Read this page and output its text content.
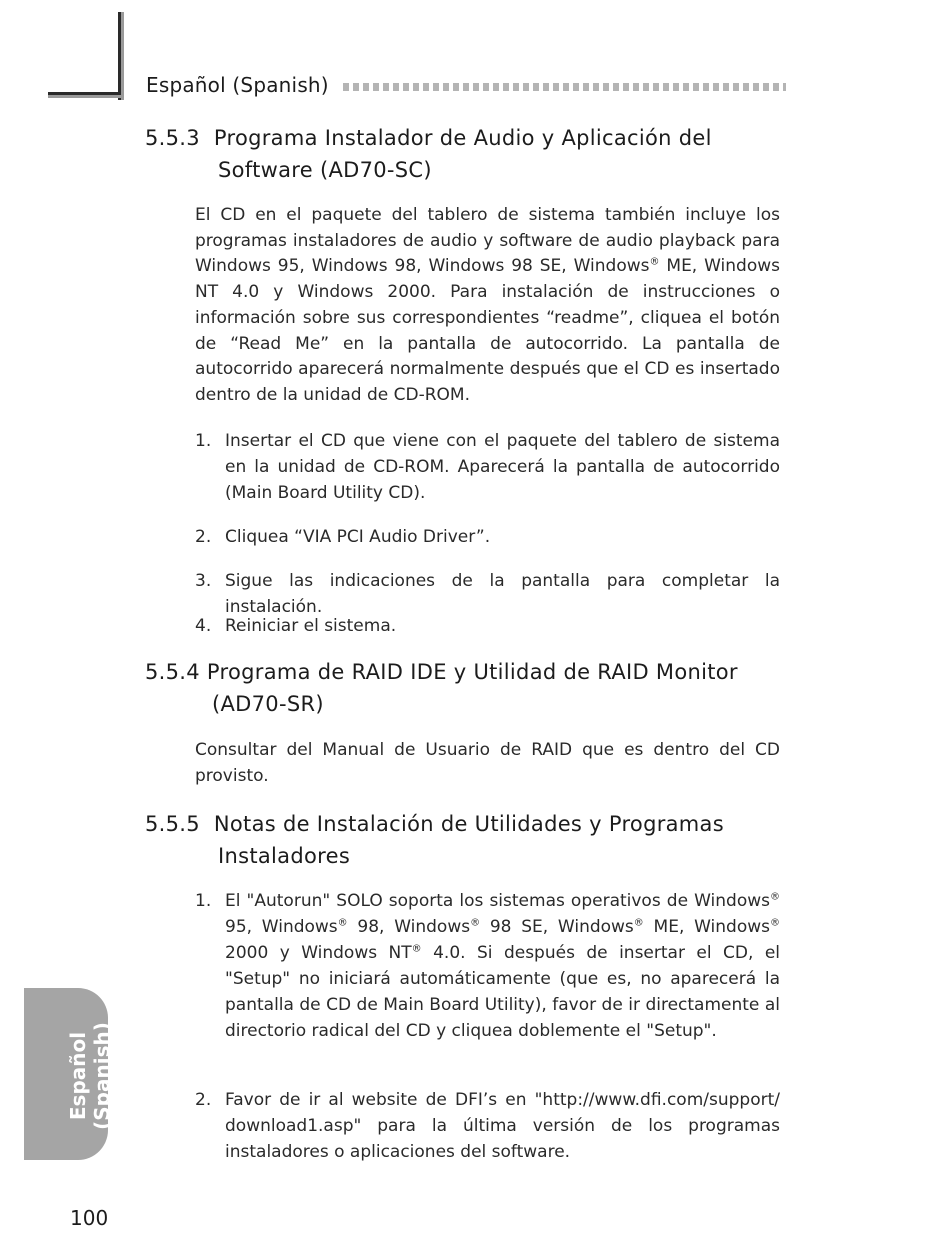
Español (Spanish)
5.5.3 Programa Instalador de Audio y Aplicación del
Software (AD70-SC)
El CD en el paquete del tablero de sistema también incluye los programas instaladores de audio y software de audio playback para Windows 95, Windows 98, Windows 98 SE, Windows® ME, Windows NT 4.0 y Windows 2000. Para instalación de instrucciones o información sobre sus correspondientes “readme”, cliquea el botón de “Read Me” en la pantalla de autocorrido. La pantalla de autocorrido aparecerá normalmente después que el CD es insertado dentro de la unidad de CD-ROM.
1. Insertar el CD que viene con el paquete del tablero de sistema en la unidad de CD-ROM. Aparecerá la pantalla de autocorrido (Main Board Utility CD).
2. Cliquea “VIA PCI Audio Driver”.
3. Sigue las indicaciones de la pantalla para completar la instalación.
4. Reiniciar el sistema.
5.5.4 Programa de RAID IDE y Utilidad de RAID Monitor
(AD70-SR)
Consultar del Manual de Usuario de RAID que es dentro del CD provisto.
5.5.5 Notas de Instalación de Utilidades y Programas
Instaladores
1. El "Autorun" SOLO soporta los sistemas operativos de Windows® 95, Windows® 98, Windows® 98 SE, Windows® ME, Windows® 2000 y Windows NT® 4.0. Si después de insertar el CD, el "Setup" no iniciará automáticamente (que es, no aparecerá la pantalla de CD de Main Board Utility), favor de ir directamente al directorio radical del CD y cliquea doblemente el "Setup".
2. Favor de ir al website de DFI’s en "http://www.dfi.com/support/ download1.asp" para la última versión de los programas instaladores o aplicaciones del software.
Español (Spanish)
100
